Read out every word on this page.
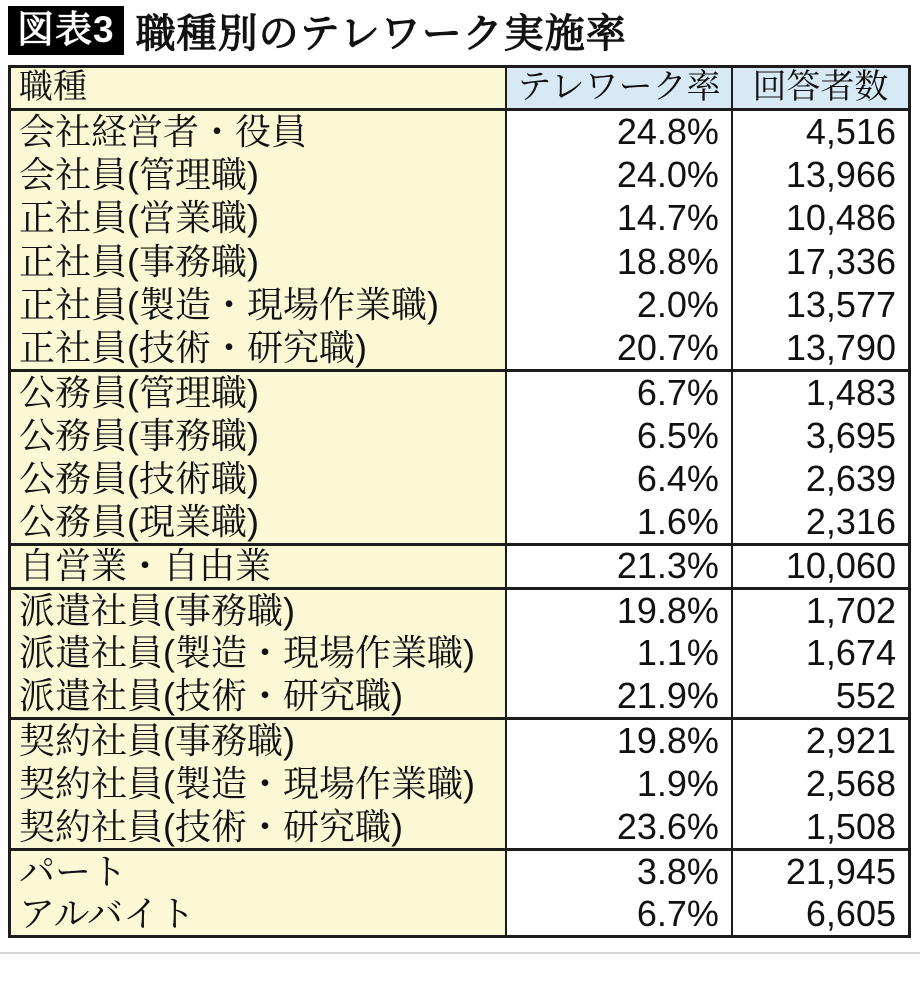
図表3 職種別のテレワーク実施率
職種	テレワーク率	回答者数
会社経営者・役員	24.8%	4,516
会社員(管理職)	24.0%	13,966
正社員(営業職)	14.7%	10,486
正社員(事務職)	18.8%	17,336
正社員(製造・現場作業職)	2.0%	13,577
正社員(技術・研究職)	20.7%	13,790
公務員(管理職)	6.7%	1,483
公務員(事務職)	6.5%	3,695
公務員(技術職)	6.4%	2,639
公務員(現業職)	1.6%	2,316
自営業・自由業	21.3%	10,060
派遣社員(事務職)	19.8%	1,702
派遣社員(製造・現場作業職)	1.1%	1,674
派遣社員(技術・研究職)	21.9%	552
契約社員(事務職)	19.8%	2,921
契約社員(製造・現場作業職)	1.9%	2,568
契約社員(技術・研究職)	23.6%	1,508
パート	3.8%	21,945
アルバイト	6.7%	6,605
